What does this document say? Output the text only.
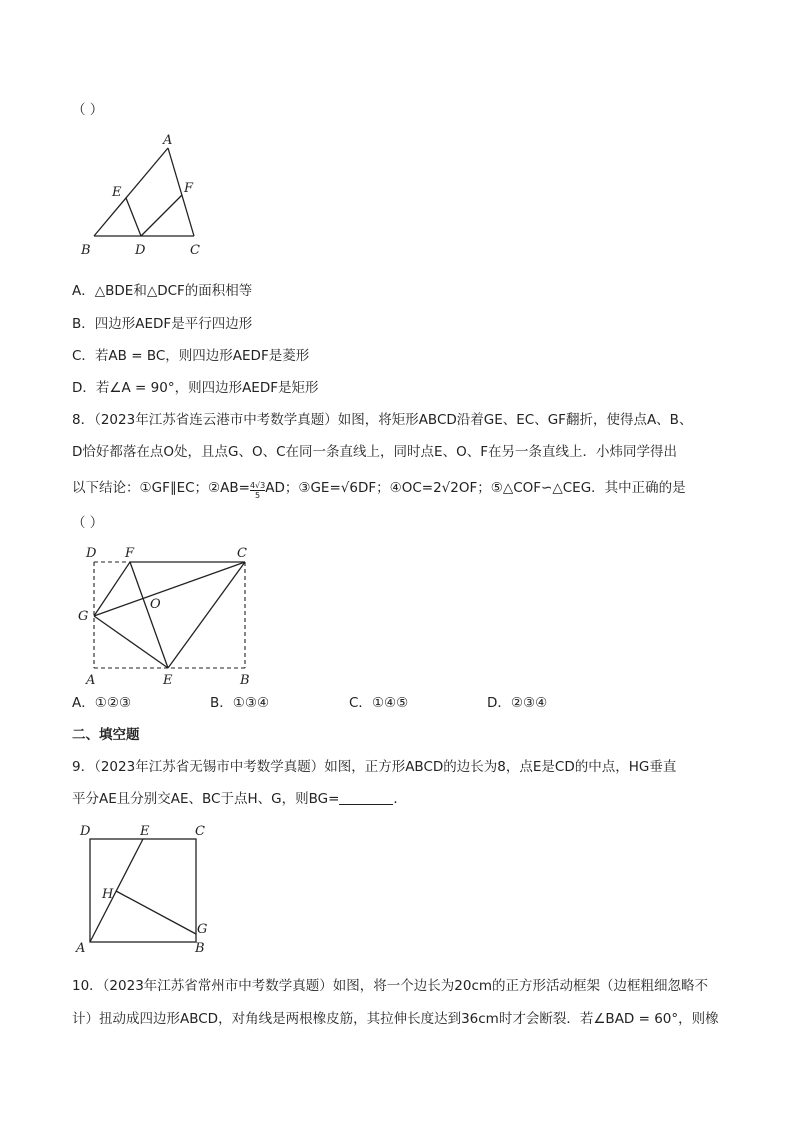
（ ）
A
E	F
B	D	C
A．△BDE和△DCF的面积相等
B．四边形AEDF是平行四边形
C．若AB = BC，则四边形AEDF是菱形
D．若∠A = 90°，则四边形AEDF是矩形
8．（2023年江苏省连云港市中考数学真题）如图，将矩形ABCD沿着GE、EC、GF翻折，使得点A、B、
D恰好都落在点O处，且点G、O、C在同一条直线上，同时点E、O、F在另一条直线上．小炜同学得出
以下结论：①GF∥EC；②AB= $\frac{4√3}{5}$ AD；③GE=√6DF；④OC=2√2OF；⑤△COF∽△CEG．其中正确的是
（ ）
D F	C
G
O
A	E	B
A．①②③	B．①③④	C．①④⑤	D．②③④
二、填空题
9．（2023年江苏省无锡市中考数学真题）如图，正方形ABCD的边长为8，点E是CD的中点，HG垂直
平分AE且分别交AE、BC于点H、G，则BG=	．
D	E	C
H
G
A	B
10．（2023年江苏省常州市中考数学真题）如图，将一个边长为20cm的正方形活动框架（边框粗细忽略不
计）扭动成四边形ABCD，对角线是两根橡皮筋，其拉伸长度达到36cm时才会断裂．若∠BAD = 60°，则橡
